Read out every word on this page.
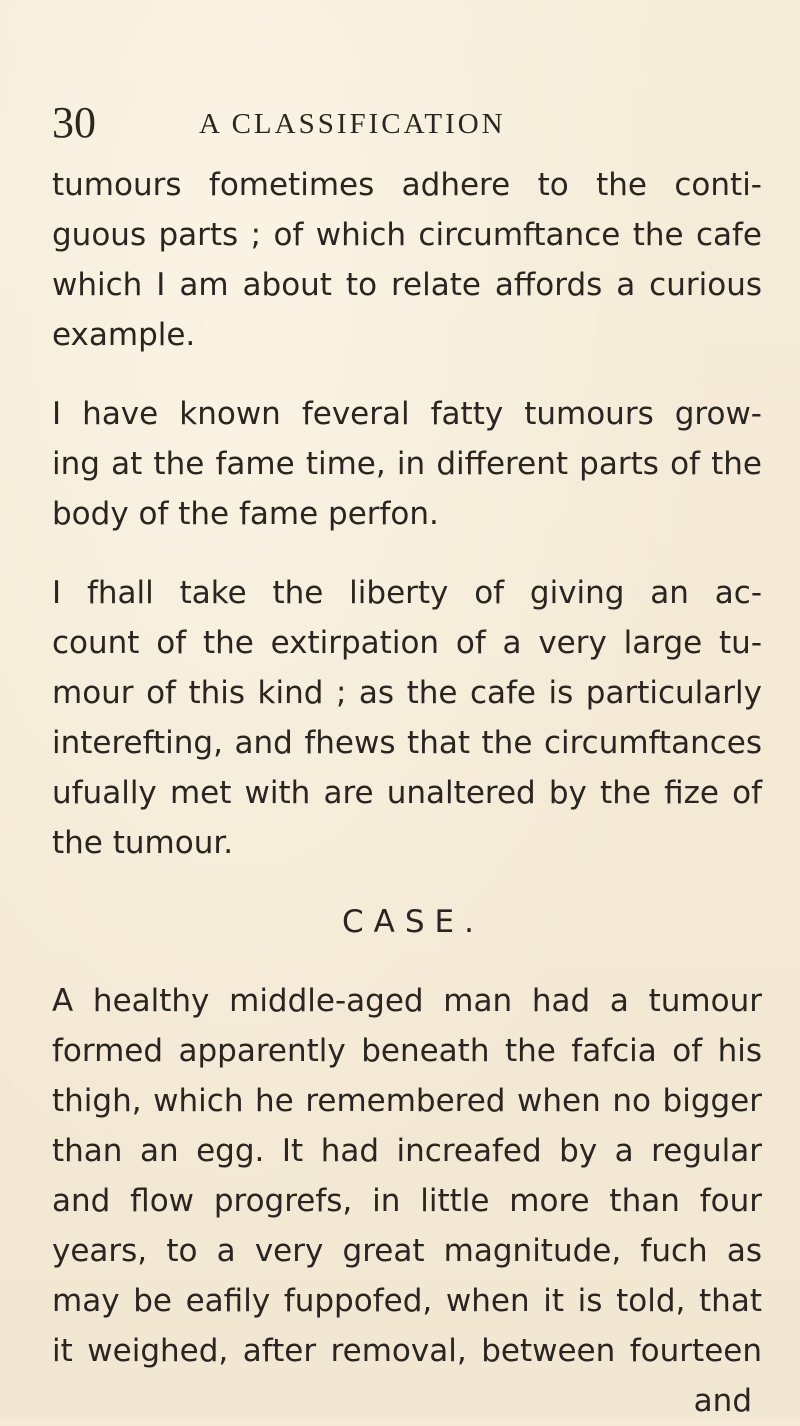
30	A CLASSIFICATION

tumours fometimes adhere to the conti-
guous parts ; of which circumftance the cafe
which I am about to relate affords a curious
example.

I have known feveral fatty tumours grow-
ing at the fame time, in different parts of the
body of the fame perfon.

I fhall take the liberty of giving an ac-
count of the extirpation of a very large tu-
mour of this kind ; as the cafe is particularly
interefting, and fhews that the circumftances
ufually met with are unaltered by the fize of
the tumour.

CASE.

A healthy middle-aged man had a tumour
formed apparently beneath the fafcia of his
thigh, which he remembered when no bigger
than an egg. It had increafed by a regular
and flow progrefs, in little more than four
years, to a very great magnitude, fuch as
may be eafily fuppofed, when it is told, that
it weighed, after removal, between fourteen

and
